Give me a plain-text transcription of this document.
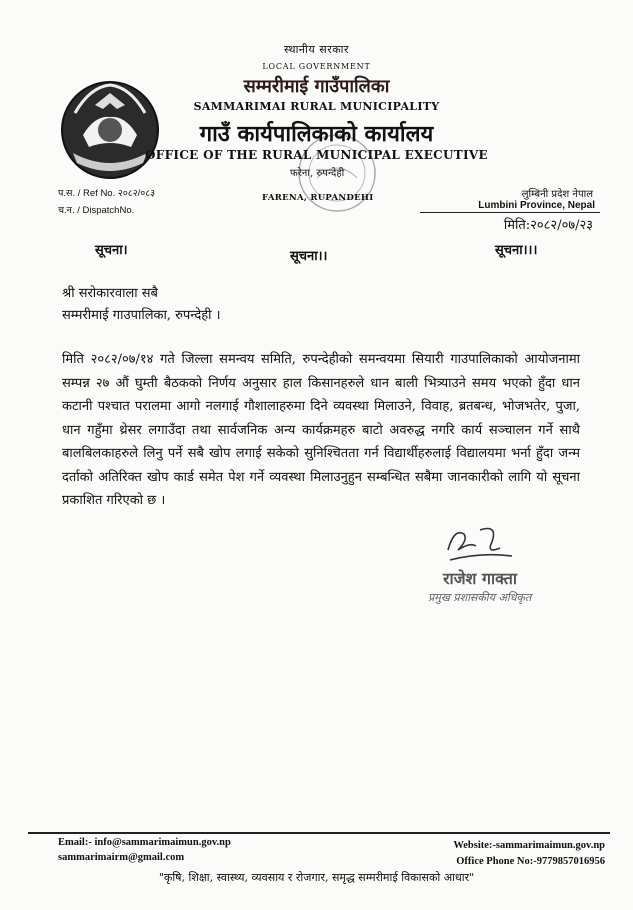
स्थानीय सरकार
LOCAL GOVERNMENT
सम्मरीमाई गाउँपालिका
SAMMARIMAI RURAL MUNICIPALITY
गाउँ कार्यपालिकाको कार्यालय
OFFICE OF THE RURAL MUNICIPAL EXECUTIVE
फरेना, रुपन्देही
FARENA, RUPANDEHI
प.स. / Ref No. २०८२/०८३
च.न. / DispatchNo.
लुम्बिनी प्रदेश नेपाल
Lumbini Province, Nepal
मिति:२०८२/०७/२३
सूचना।	सूचना।।	सूचना।।।
श्री सरोकारवाला सबै
सम्मरीमाई गाउपालिका, रुपन्देही ।
मिति २०८२/०७/१४ गते जिल्ला समन्वय समिति, रुपन्देहीको समन्वयमा सियारी गाउपालिकाको आयोजनामा सम्पन्न २७ औं घुम्ती बैठकको निर्णय अनुसार हाल किसानहरुले धान बाली भित्र्याउने समय भएको हुँदा धान कटानी पश्चात परालमा आगो नलगाई गौशालाहरुमा दिने व्यवस्था मिलाउने, विवाह, ब्रतबन्ध, भोजभतेर, पुजा, धान गहुँमा थ्रेसर लगाउँदा तथा सार्वजनिक अन्य कार्यक्रमहरु बाटो अवरुद्ध नगरि कार्य सञ्चालन गर्ने साथै बालबिलकाहरुले लिनु पर्ने सबै खोप लगाई सकेको सुनिश्चितता गर्न विद्यार्थीहरुलाई विद्यालयमा भर्ना हुँदा जन्म दर्ताको अतिरिक्त खोप कार्ड समेत पेश गर्ने व्यवस्था मिलाउनुहुन सम्बन्धित सबैमा जानकारीको लागि यो सूचना प्रकाशित गरिएको छ ।
राजेश गाक्ता
प्रमुख प्रशासकीय अधिकृत
Email:- info@sammarimaimun.gov.np
sammarimairm@gmail.com
Website:-sammarimaimun.gov.np
Office Phone No:-9779857016956
"कृषि, शिक्षा, स्वास्थ्य, व्यवसाय र रोजगार, समृद्ध सम्मरीमाई विकासको आधार"
